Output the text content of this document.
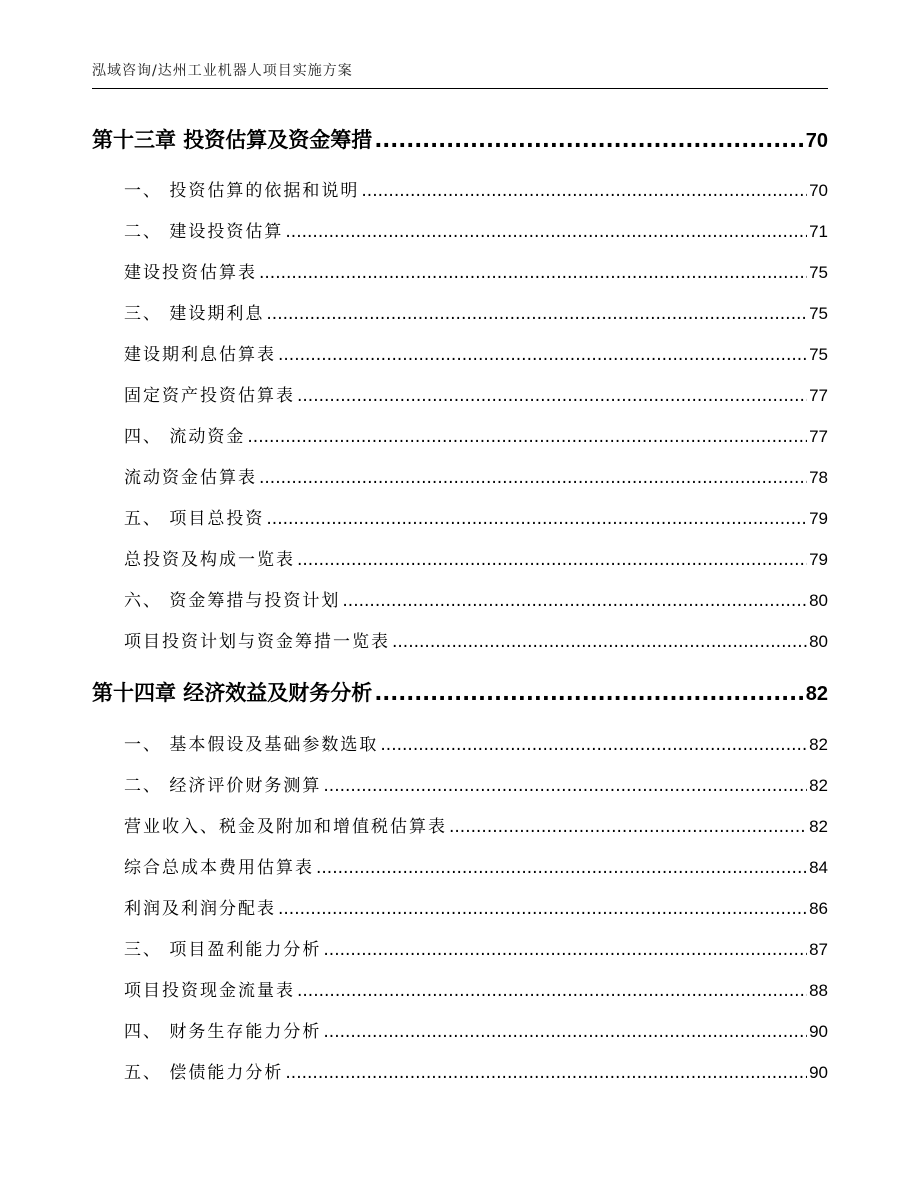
泓域咨询/达州工业机器人项目实施方案
第十三章 投资估算及资金筹措 .....	70
一、 投资估算的依据和说明 .....	70
二、 建设投资估算 .....	71
建设投资估算表 .....	75
三、 建设期利息 .....	75
建设期利息估算表 .....	75
固定资产投资估算表 .....	77
四、 流动资金 .....	77
流动资金估算表 .....	78
五、 项目总投资 .....	79
总投资及构成一览表 .....	79
六、 资金筹措与投资计划 .....	80
项目投资计划与资金筹措一览表 .....	80
第十四章 经济效益及财务分析 .....	82
一、 基本假设及基础参数选取 .....	82
二、 经济评价财务测算 .....	82
营业收入、税金及附加和增值税估算表 .....	82
综合总成本费用估算表 .....	84
利润及利润分配表 .....	86
三、 项目盈利能力分析 .....	87
项目投资现金流量表 .....	88
四、 财务生存能力分析 .....	90
五、 偿债能力分析 .....	90
